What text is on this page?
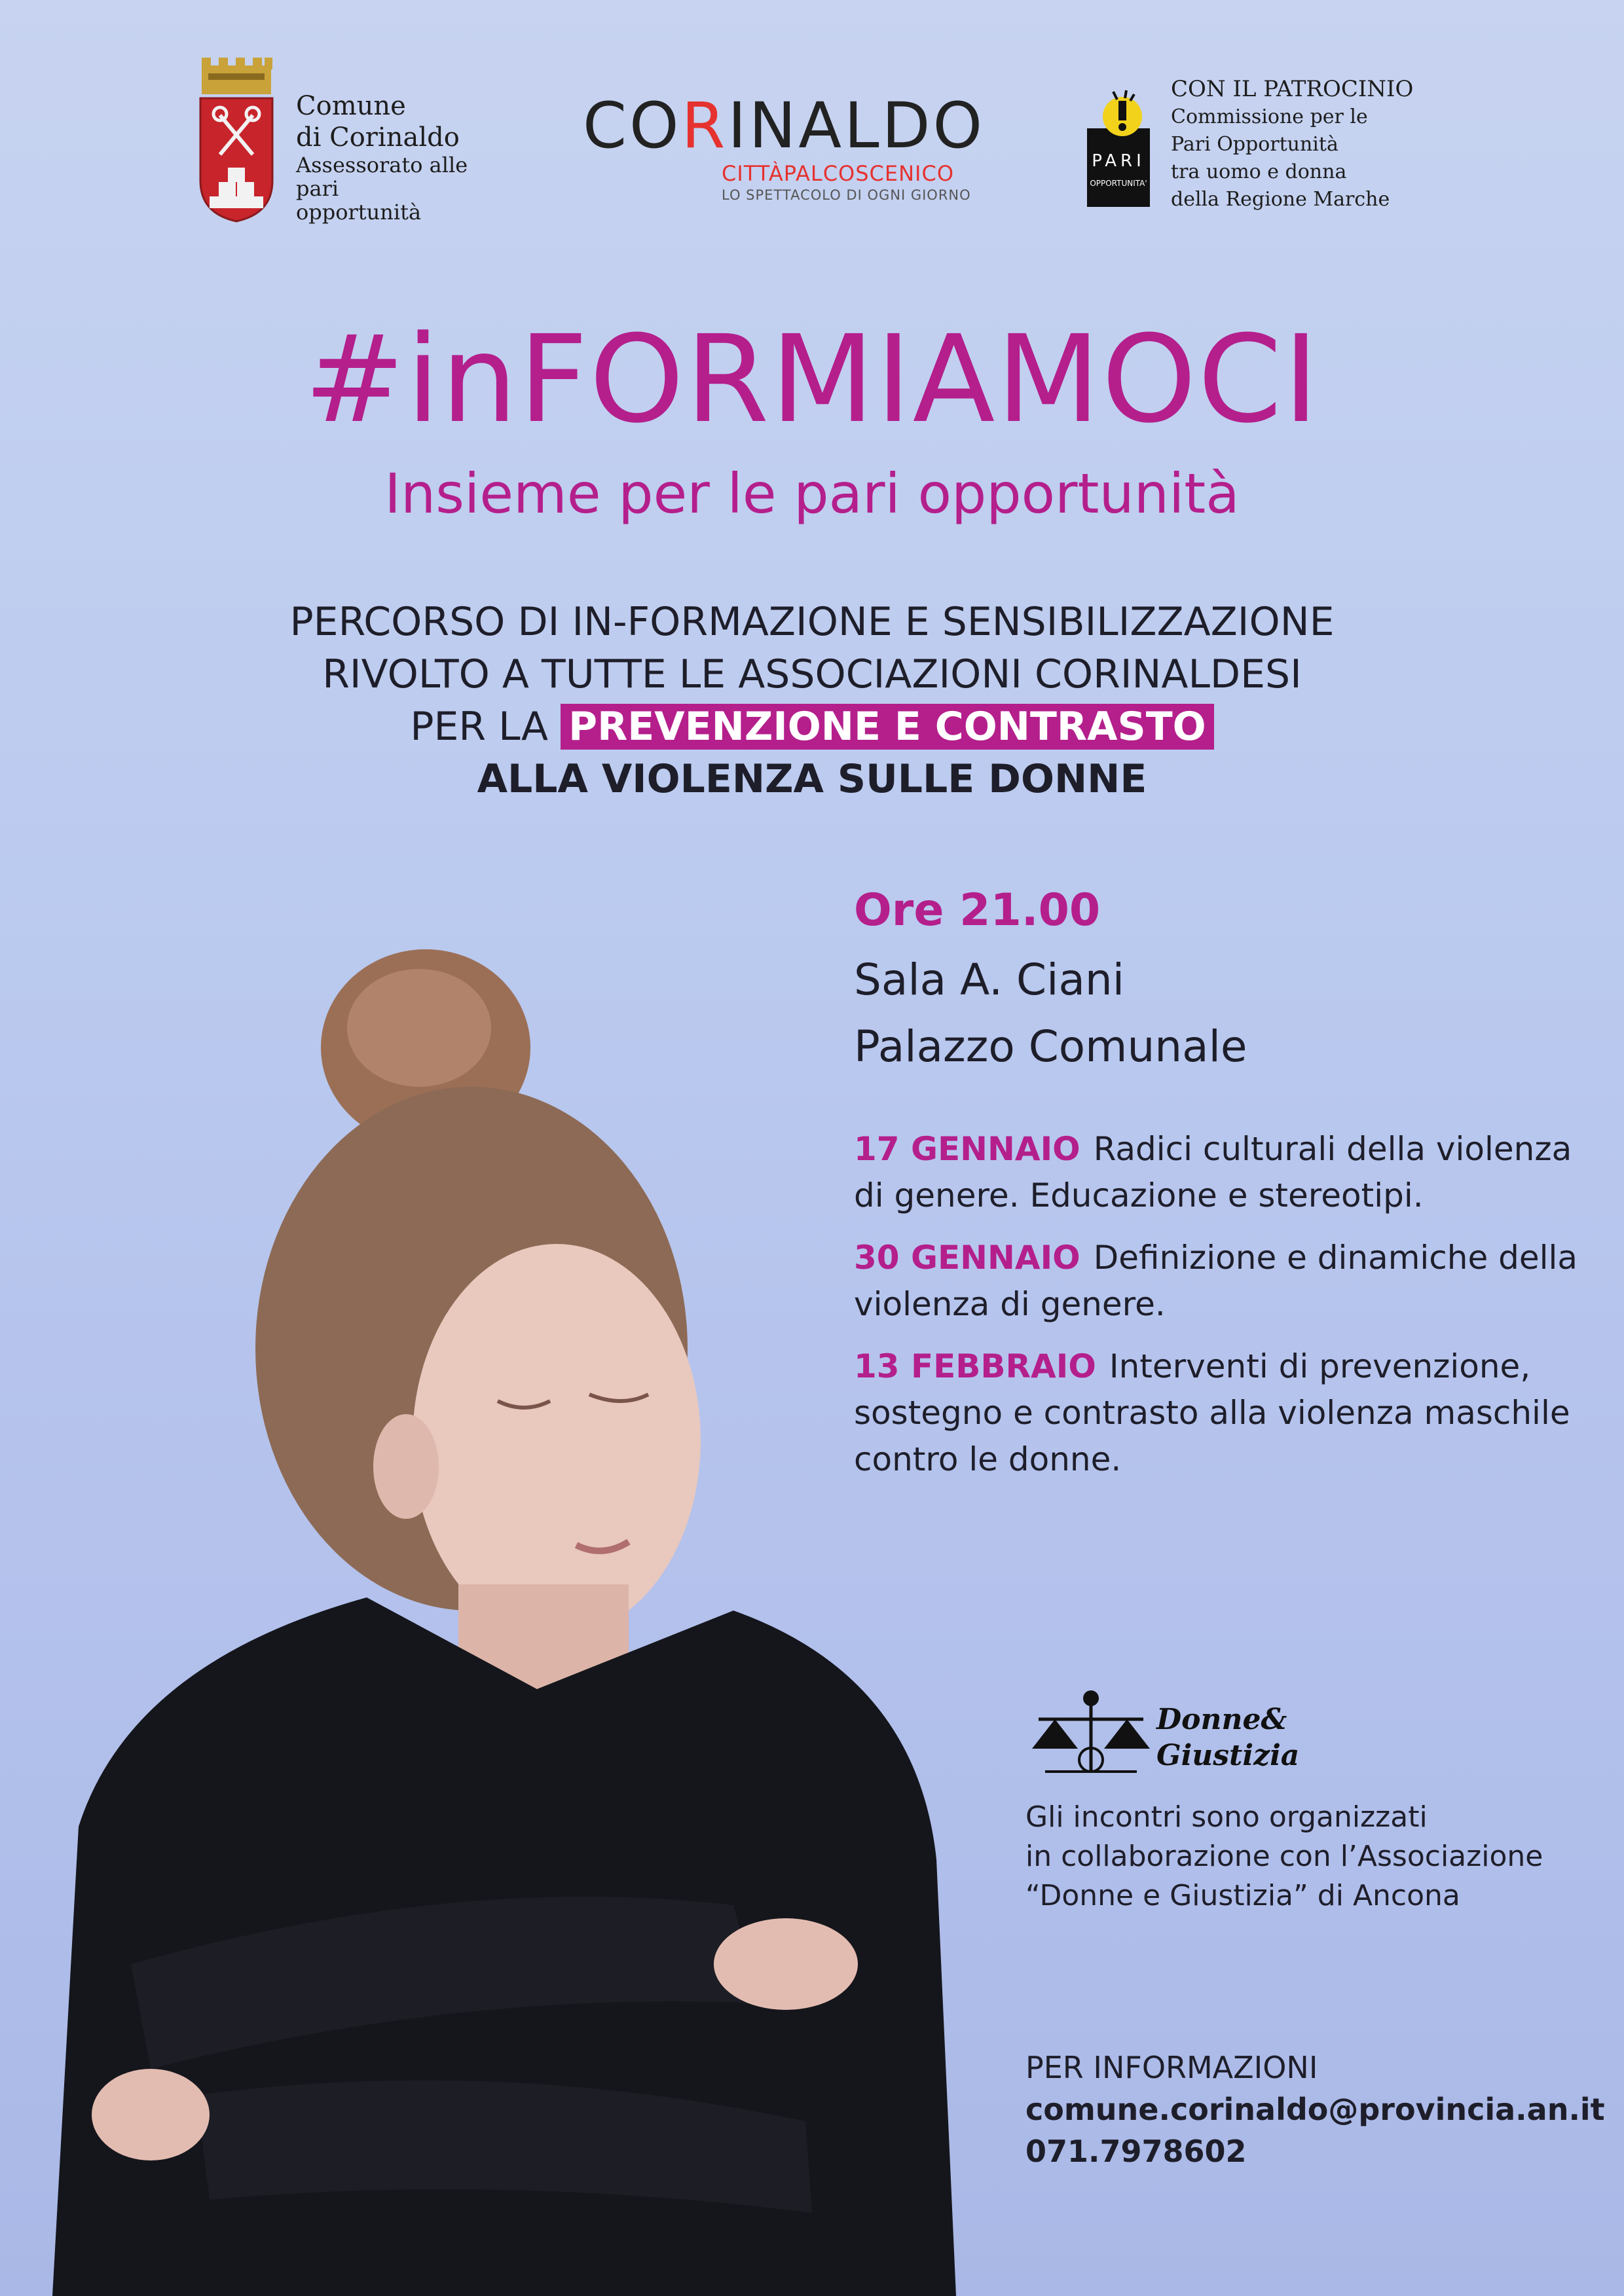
Comune
di Corinaldo
Assessorato alle
pari opportunità
CORINALDO
CITTÀPALCOSCENICO
LO SPETTACOLO DI OGNI GIORNO
PARI
OPPORTUNITA'
CON IL PATROCINIO
Commissione per le
Pari Opportunità
tra uomo e donna
della Regione Marche
#inFORMIAMOCI
Insieme per le pari opportunità
PERCORSO DI IN-FORMAZIONE E SENSIBILIZZAZIONE
RIVOLTO A TUTTE LE ASSOCIAZIONI CORINALDESI
PER LA PREVENZIONE E CONTRASTO
ALLA VIOLENZA SULLE DONNE
Ore 21.00
Sala A. Ciani
Palazzo Comunale
17 GENNAIO Radici culturali della violenza di genere. Educazione e stereotipi.
30 GENNAIO Definizione e dinamiche della violenza di genere.
13 FEBBRAIO Interventi di prevenzione, sostegno e contrasto alla violenza maschile contro le donne.
Donne&
Giustizia
Gli incontri sono organizzati
in collaborazione con l’Associazione
“Donne e Giustizia” di Ancona
PER INFORMAZIONI
comune.corinaldo@provincia.an.it
071.7978602
